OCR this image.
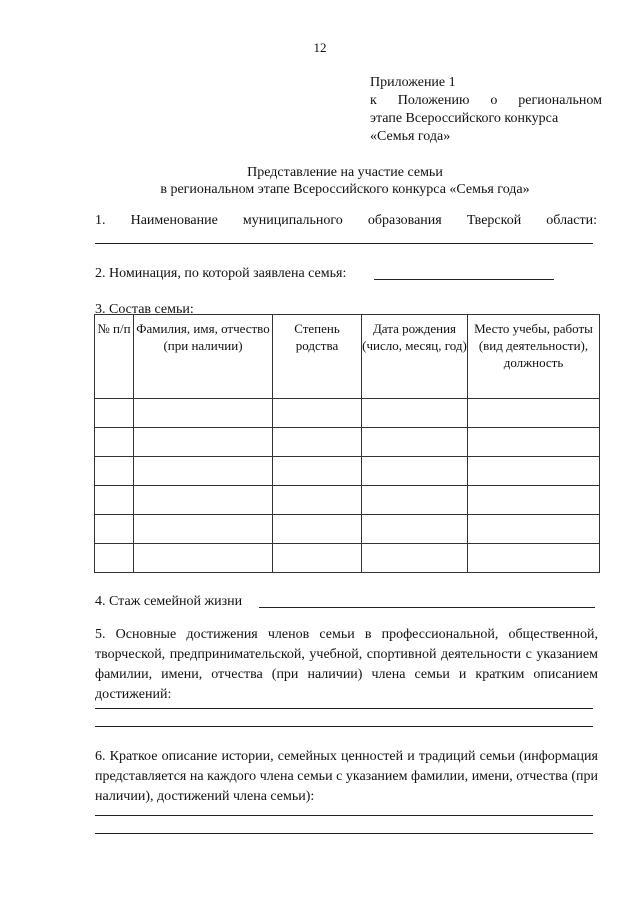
12
Приложение 1
к Положению о региональном
этапе Всероссийского конкурса
«Семья года»
Представление на участие семьи
в региональном этапе Всероссийского конкурса «Семья года»
1. Наименование муниципального образования Тверской области:
2. Номинация, по которой заявлена семья:
3. Состав семьи:
№ п/п	Фамилия, имя, отчество (при наличии)	Степень родства	Дата рождения (число, месяц, год)	Место учебы, работы (вид деятельности), должность

4. Стаж семейной жизни
5. Основные достижения членов семьи в профессиональной, общественной, творческой, предпринимательской, учебной, спортивной деятельности с указанием фамилии, имени, отчества (при наличии) члена семьи и кратким описанием достижений:
6. Краткое описание истории, семейных ценностей и традиций семьи (информация представляется на каждого члена семьи с указанием фамилии, имени, отчества (при наличии), достижений члена семьи):
